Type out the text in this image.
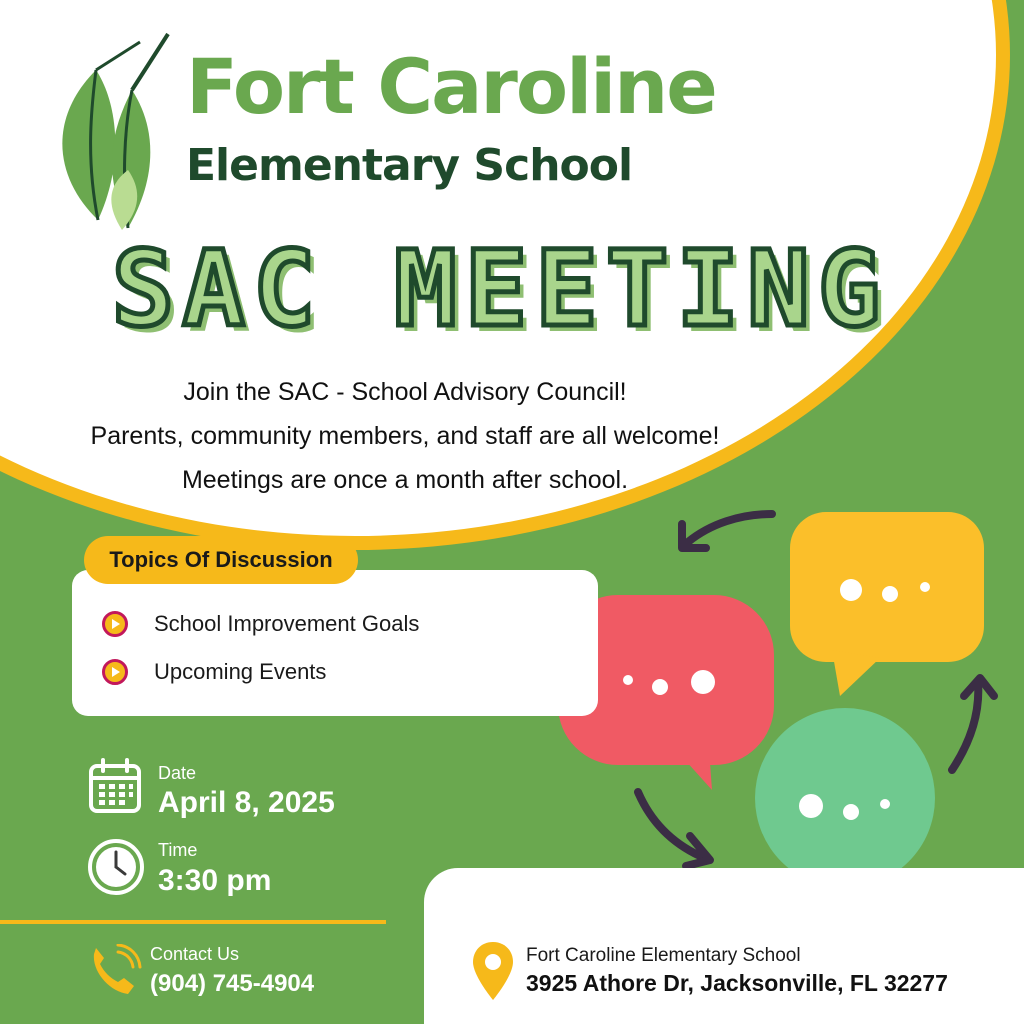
Fort Caroline
Elementary School
SAC MEETING
Join the SAC - School Advisory Council!
Parents, community members, and staff are all welcome!
Meetings are once a month after school.
Topics Of Discussion
School Improvement Goals
Upcoming Events
Date
April 8, 2025
Time
3:30 pm
Contact Us
(904) 745-4904
Fort Caroline Elementary School
3925 Athore Dr, Jacksonville, FL 32277
